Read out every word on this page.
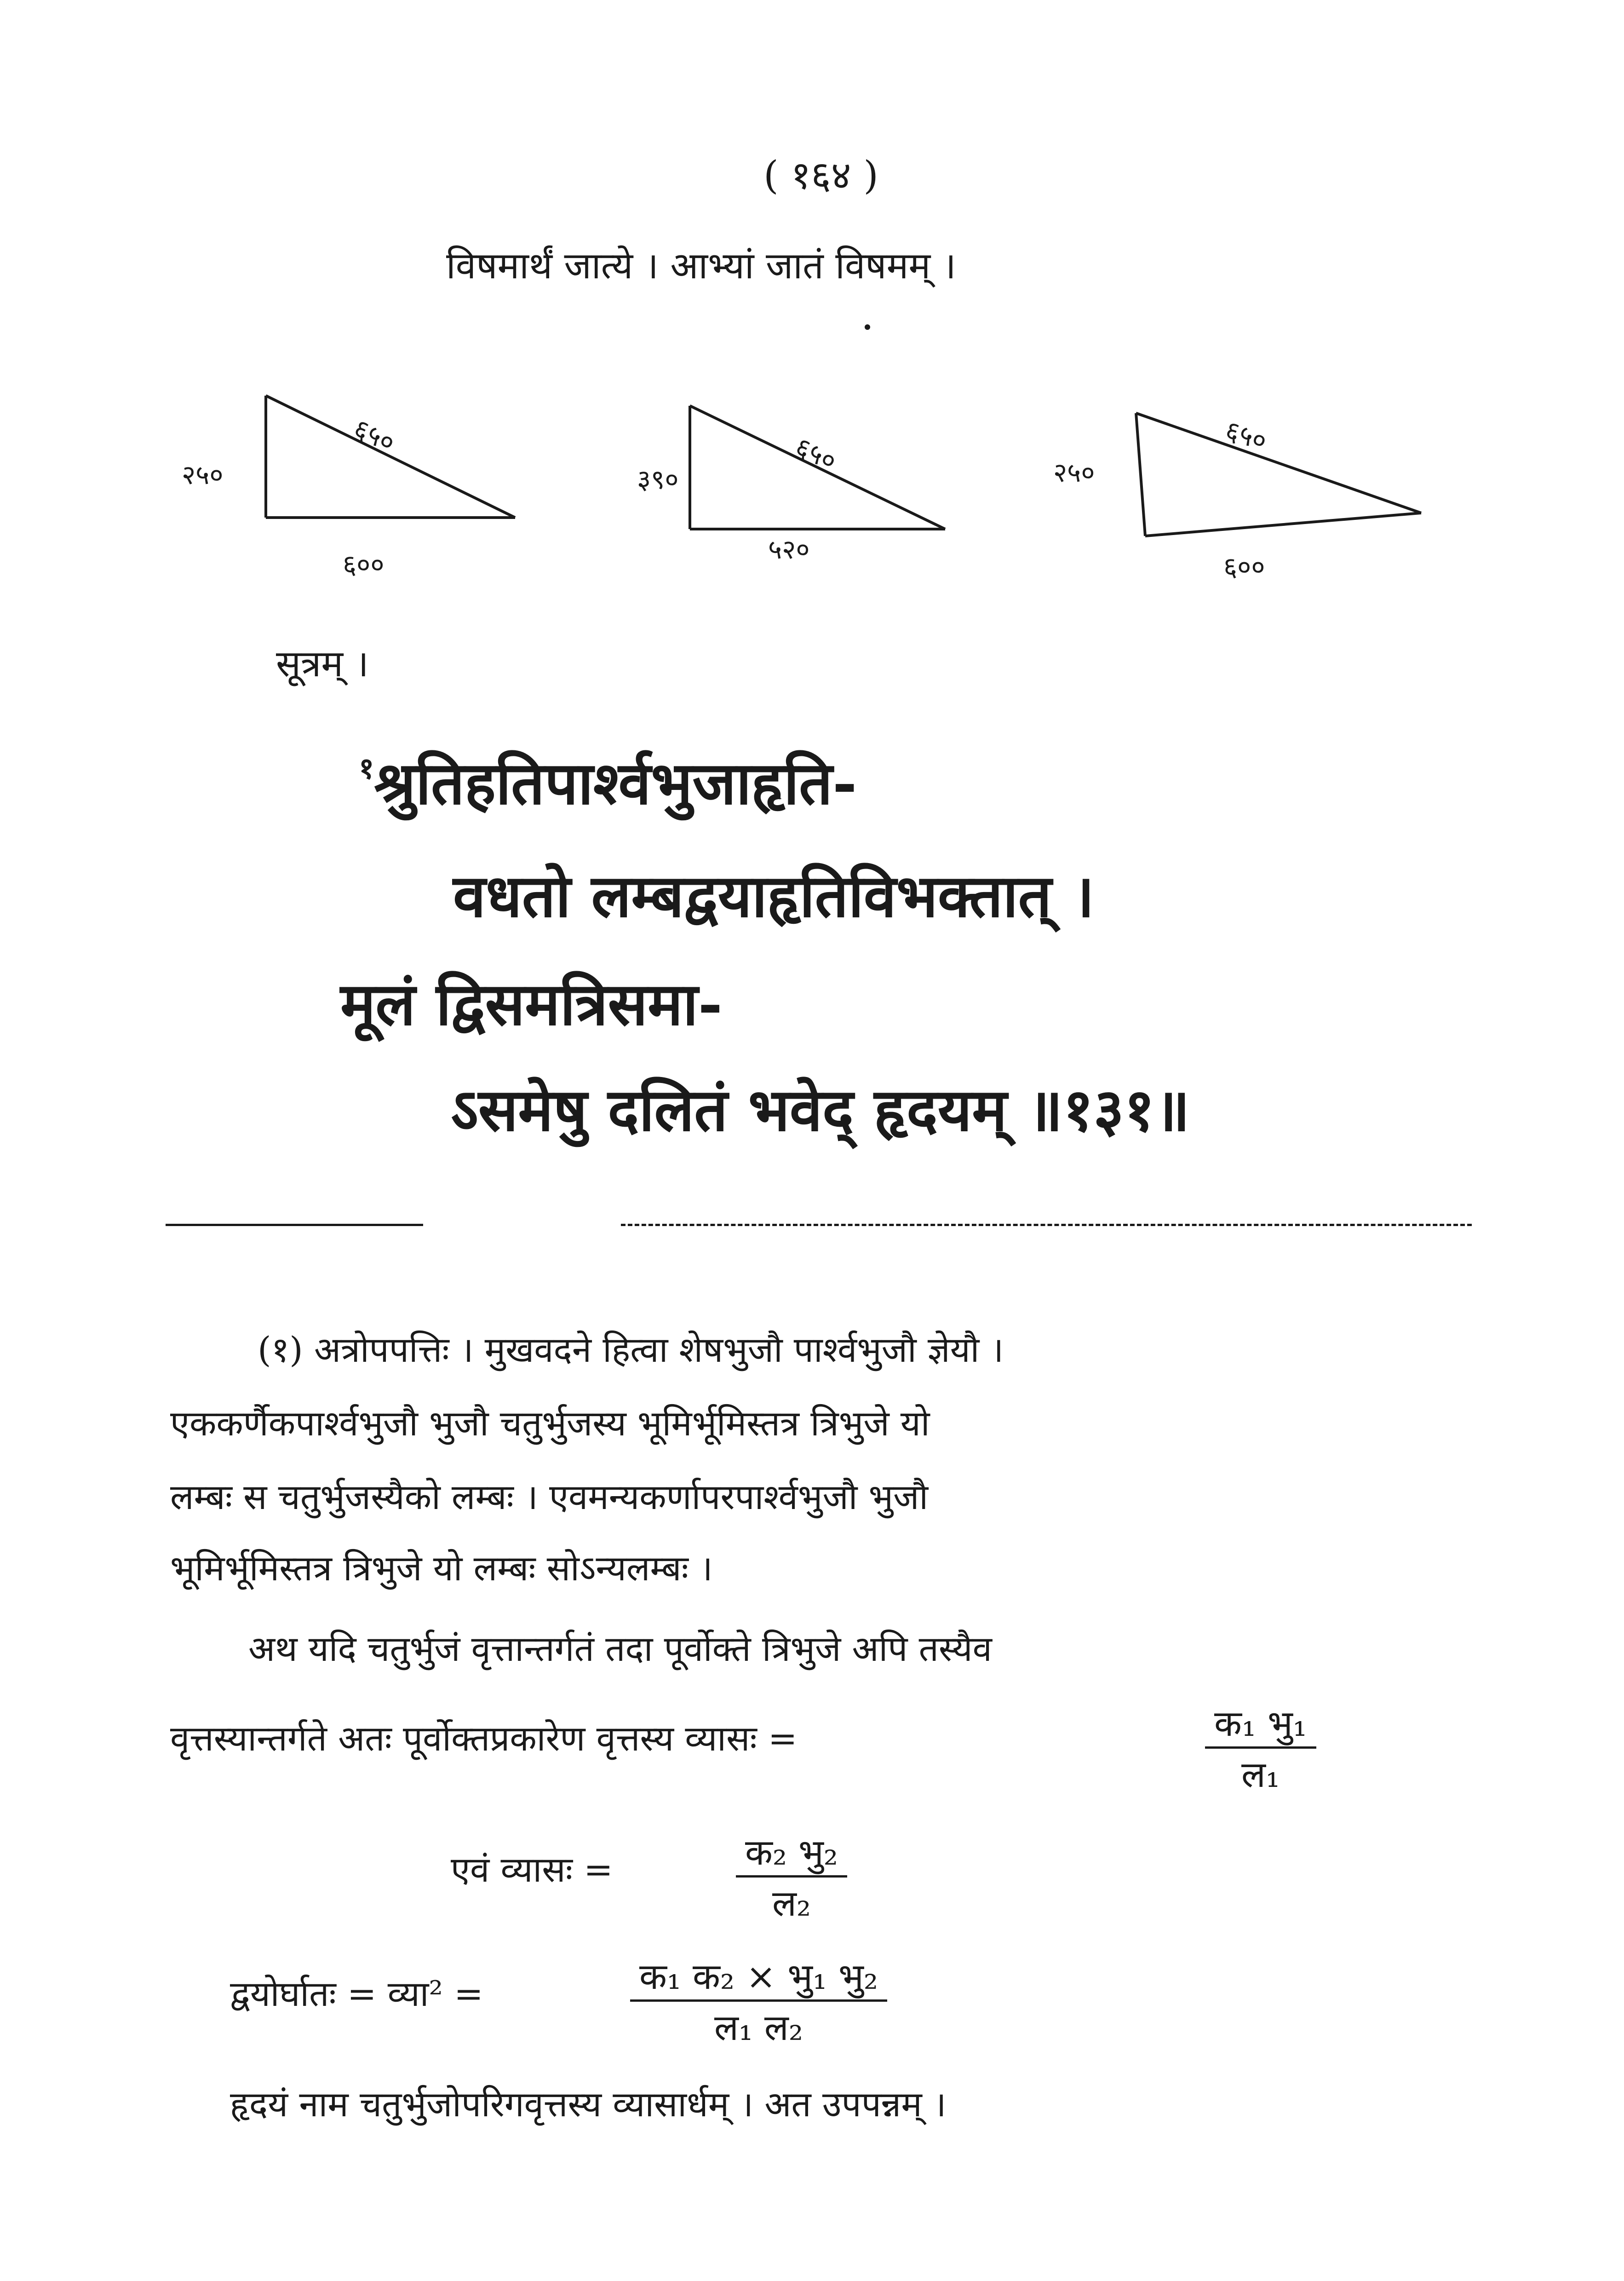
( १६४ )
विषमार्थं जात्ये । आभ्यां जातं विषमम् ।
२५०
६५०
६००
३९०
६५०
५२०
२५०
६५०
६००
सूत्रम् ।
$^१$श्रुतिहतिपार्श्वभुजाहृति-
वधतो लम्बद्वयाहृतिविभक्तात् ।
मूलं द्विसमत्रिसमा-
ऽसमेषु दलितं भवेद् हृदयम् ॥१३१॥
(१) अत्रोपपत्तिः । मुखवदने हित्वा शेषभुजौ पार्श्वभुजौ ज्ञेयौ ।
एककर्णैकपार्श्वभुजौ भुजौ चतुर्भुजस्य भूमिर्भूमिस्तत्र त्रिभुजे यो
लम्बः स चतुर्भुजस्यैको लम्बः । एवमन्यकर्णापरपार्श्वभुजौ भुजौ
भूमिर्भूमिस्तत्र त्रिभुजे यो लम्बः सोऽन्यलम्बः ।
अथ यदि चतुर्भुजं वृत्तान्तर्गतं तदा पूर्वोक्ते त्रिभुजे अपि तस्यैव
वृत्तस्यान्तर्गते अतः पूर्वोक्तप्रकारेण वृत्तस्य व्यासः =	क₁ भु₁
ल₁
एवं व्यासः =	क₂ भु₂
ल₂
द्वयोर्घातः = व्या² =	क₁ क₂ × भु₁ भु₂
ल₁ ल₂
हृदयं नाम चतुर्भुजोपरिगवृत्तस्य व्यासार्धम् । अत उपपन्नम् ।
